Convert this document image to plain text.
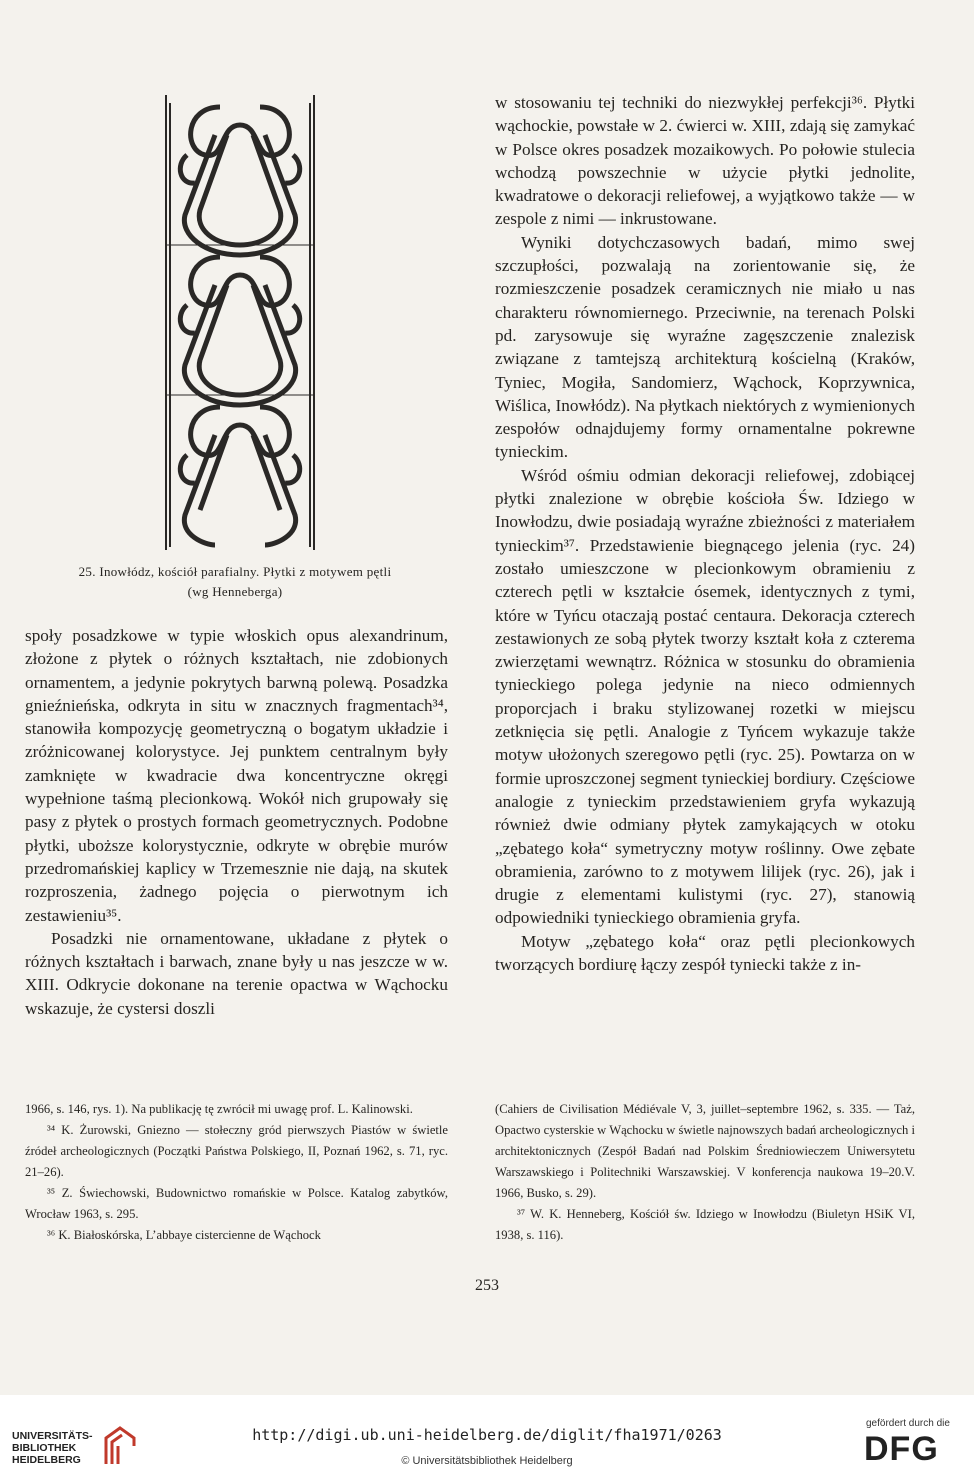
25. Inowłódz, kościół parafialny. Płytki z motywem pętli
(wg Henneberga)

społy posadzkowe w typie włoskich opus alexandrinum, złożone z płytek o różnych kształtach, nie zdobionych ornamentem, a jedynie pokrytych barwną polewą. Posadzka gnieźnieńska, odkryta in situ w znacznych fragmentach³⁴, stanowiła kompozycję geometryczną o bogatym układzie i zróżnicowanej kolorystyce. Jej punktem centralnym były zamknięte w kwadracie dwa koncentryczne okręgi wypełnione taśmą plecionkową. Wokół nich grupowały się pasy z płytek o prostych formach geometrycznych. Podobne płytki, uboższe kolorystycznie, odkryte w obrębie murów przedromańskiej kaplicy w Trzemesznie nie dają, na skutek rozproszenia, żadnego pojęcia o pierwotnym ich zestawieniu³⁵.

Posadzki nie ornamentowane, układane z płytek o różnych kształtach i barwach, znane były u nas jeszcze w w. XIII. Odkrycie dokonane na terenie opactwa w Wąchocku wskazuje, że cystersi doszli

w stosowaniu tej techniki do niezwykłej perfekcji³⁶. Płytki wąchockie, powstałe w 2. ćwierci w. XIII, zdają się zamykać w Polsce okres posadzek mozaikowych. Po połowie stulecia wchodzą powszechnie w użycie płytki jednolite, kwadratowe o dekoracji reliefowej, a wyjątkowo także — w zespole z nimi — inkrustowane.

Wyniki dotychczasowych badań, mimo swej szczupłości, pozwalają na zorientowanie się, że rozmieszczenie posadzek ceramicznych nie miało u nas charakteru równomiernego. Przeciwnie, na terenach Polski pd. zarysowuje się wyraźne zagęszczenie znalezisk związane z tamtejszą architekturą kościelną (Kraków, Tyniec, Mogiła, Sandomierz, Wąchock, Koprzywnica, Wiślica, Inowłódz). Na płytkach niektórych z wymienionych zespołów odnajdujemy formy ornamentalne pokrewne tynieckim.

Wśród ośmiu odmian dekoracji reliefowej, zdobiącej płytki znalezione w obrębie kościoła Św. Idziego w Inowłodzu, dwie posiadają wyraźne zbieżności z materiałem tynieckim³⁷. Przedstawienie biegnącego jelenia (ryc. 24) zostało umieszczone w plecionkowym obramieniu z czterech pętli w kształcie ósemek, identycznych z tymi, które w Tyńcu otaczają postać centaura. Dekoracja czterech zestawionych ze sobą płytek tworzy kształt koła z czterema zwierzętami wewnątrz. Różnica w stosunku do obramienia tynieckiego polega jedynie na nieco odmiennych proporcjach i braku stylizowanej rozetki w miejscu zetknięcia się pętli. Analogie z Tyńcem wykazuje także motyw ułożonych szeregowo pętli (ryc. 25). Powtarza on w formie uproszczonej segment tynieckiej bordiury. Częściowe analogie z tynieckim przedstawieniem gryfa wykazują również dwie odmiany płytek zamykających w otoku „zębatego koła“ symetryczny motyw roślinny. Owe zębate obramienia, zarówno to z motywem lilijek (ryc. 26), jak i drugie z elementami kulistymi (ryc. 27), stanowią odpowiedniki tynieckiego obramienia gryfa.

Motyw „zębatego koła“ oraz pętli plecionkowych tworzących bordiurę łączy zespół tyniecki także z in-

1966, s. 146, rys. 1). Na publikację tę zwrócił mi uwagę prof. L. Kalinowski.

³⁴ K. Żurowski, Gniezno — stołeczny gród pierwszych Piastów w świetle źródeł archeologicznych (Początki Państwa Polskiego, II, Poznań 1962, s. 71, ryc. 21–26).

³⁵ Z. Świechowski, Budownictwo romańskie w Polsce. Katalog zabytków, Wrocław 1963, s. 295.

³⁶ K. Białoskórska, L’abbaye cistercienne de Wąchock

(Cahiers de Civilisation Médiévale V, 3, juillet–septembre 1962, s. 335. — Taż, Opactwo cysterskie w Wąchocku w świetle najnowszych badań archeologicznych i architektonicznych (Zespół Badań nad Polskim Średniowieczem Uniwersytetu Warszawskiego i Politechniki Warszawskiej. V konferencja naukowa 19–20.V. 1966, Busko, s. 29).

³⁷ W. K. Henneberg, Kościół św. Idziego w Inowłodzu (Biuletyn HSiK VI, 1938, s. 116).

253
UNIVERSITÄTS-
BIBLIOTHEK
HEIDELBERG
http://digi.ub.uni-heidelberg.de/diglit/fha1971/0263
© Universitätsbibliothek Heidelberg
gefördert durch die
DFG
